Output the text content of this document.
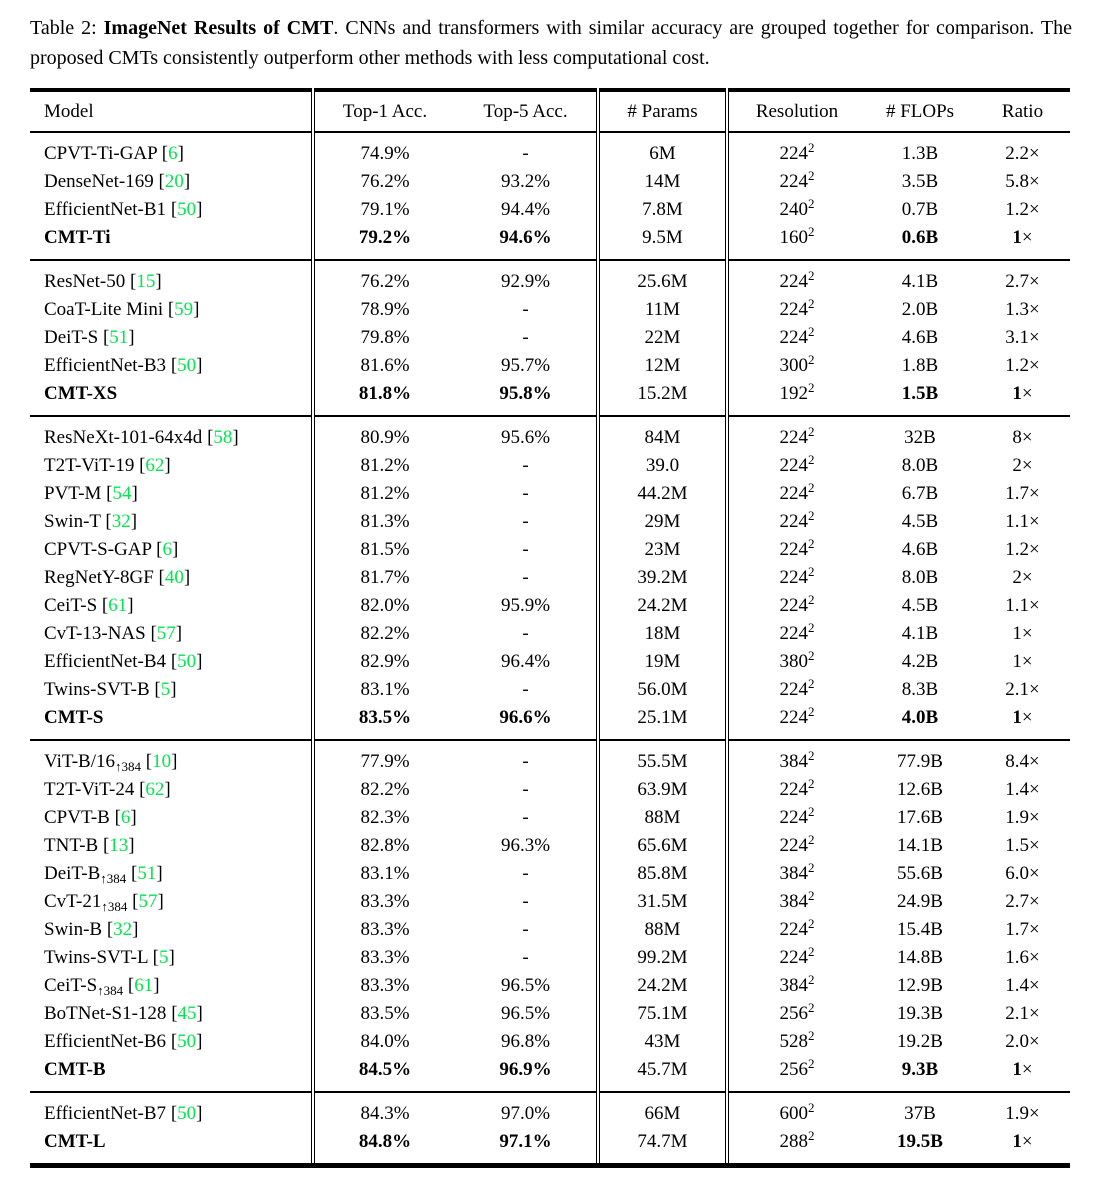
Table 2: ImageNet Results of CMT. CNNs and transformers with similar accuracy are grouped together for comparison. The proposed CMTs consistently outperform other methods with less computational cost.

Model	Top-1 Acc.	Top-5 Acc.	# Params	Resolution	# FLOPs	Ratio
CPVT-Ti-GAP [6]	74.9%	-	6M	$224^2$	1.3B	2.2×
DenseNet-169 [20]	76.2%	93.2%	14M	$224^2$	3.5B	5.8×
EfficientNet-B1 [50]	79.1%	94.4%	7.8M	$240^2$	0.7B	1.2×
CMT-Ti	79.2%	94.6%	9.5M	$160^2$	0.6B	1×
ResNet-50 [15]	76.2%	92.9%	25.6M	$224^2$	4.1B	2.7×
CoaT-Lite Mini [59]	78.9%	-	11M	$224^2$	2.0B	1.3×
DeiT-S [51]	79.8%	-	22M	$224^2$	4.6B	3.1×
EfficientNet-B3 [50]	81.6%	95.7%	12M	$300^2$	1.8B	1.2×
CMT-XS	81.8%	95.8%	15.2M	$192^2$	1.5B	1×
ResNeXt-101-64x4d [58]	80.9%	95.6%	84M	$224^2$	32B	8×
T2T-ViT-19 [62]	81.2%	-	39.0	$224^2$	8.0B	2×
PVT-M [54]	81.2%	-	44.2M	$224^2$	6.7B	1.7×
Swin-T [32]	81.3%	-	29M	$224^2$	4.5B	1.1×
CPVT-S-GAP [6]	81.5%	-	23M	$224^2$	4.6B	1.2×
RegNetY-8GF [40]	81.7%	-	39.2M	$224^2$	8.0B	2×
CeiT-S [61]	82.0%	95.9%	24.2M	$224^2$	4.5B	1.1×
CvT-13-NAS [57]	82.2%	-	18M	$224^2$	4.1B	1×
EfficientNet-B4 [50]	82.9%	96.4%	19M	$380^2$	4.2B	1×
Twins-SVT-B [5]	83.1%	-	56.0M	$224^2$	8.3B	2.1×
CMT-S	83.5%	96.6%	25.1M	$224^2$	4.0B	1×
ViT-$B/16_{↑384}$ [10]	77.9%	-	55.5M	$384^2$	77.9B	8.4×
T2T-ViT-24 [62]	82.2%	-	63.9M	$224^2$	12.6B	1.4×
CPVT-B [6]	82.3%	-	88M	$224^2$	17.6B	1.9×
TNT-B [13]	82.8%	96.3%	65.6M	$224^2$	14.1B	1.5×
DeiT-$B_{↑384}$ [51]	83.1%	-	85.8M	$384^2$	55.6B	6.0×
CvT-$21_{↑384}$ [57]	83.3%	-	31.5M	$384^2$	24.9B	2.7×
Swin-B [32]	83.3%	-	88M	$224^2$	15.4B	1.7×
Twins-SVT-L [5]	83.3%	-	99.2M	$224^2$	14.8B	1.6×
CeiT-$S_{↑384}$ [61]	83.3%	96.5%	24.2M	$384^2$	12.9B	1.4×
BoTNet-S1-128 [45]	83.5%	96.5%	75.1M	$256^2$	19.3B	2.1×
EfficientNet-B6 [50]	84.0%	96.8%	43M	$528^2$	19.2B	2.0×
CMT-B	84.5%	96.9%	45.7M	$256^2$	9.3B	1×
EfficientNet-B7 [50]	84.3%	97.0%	66M	$600^2$	37B	1.9×
CMT-L	84.8%	97.1%	74.7M	$288^2$	19.5B	1×
